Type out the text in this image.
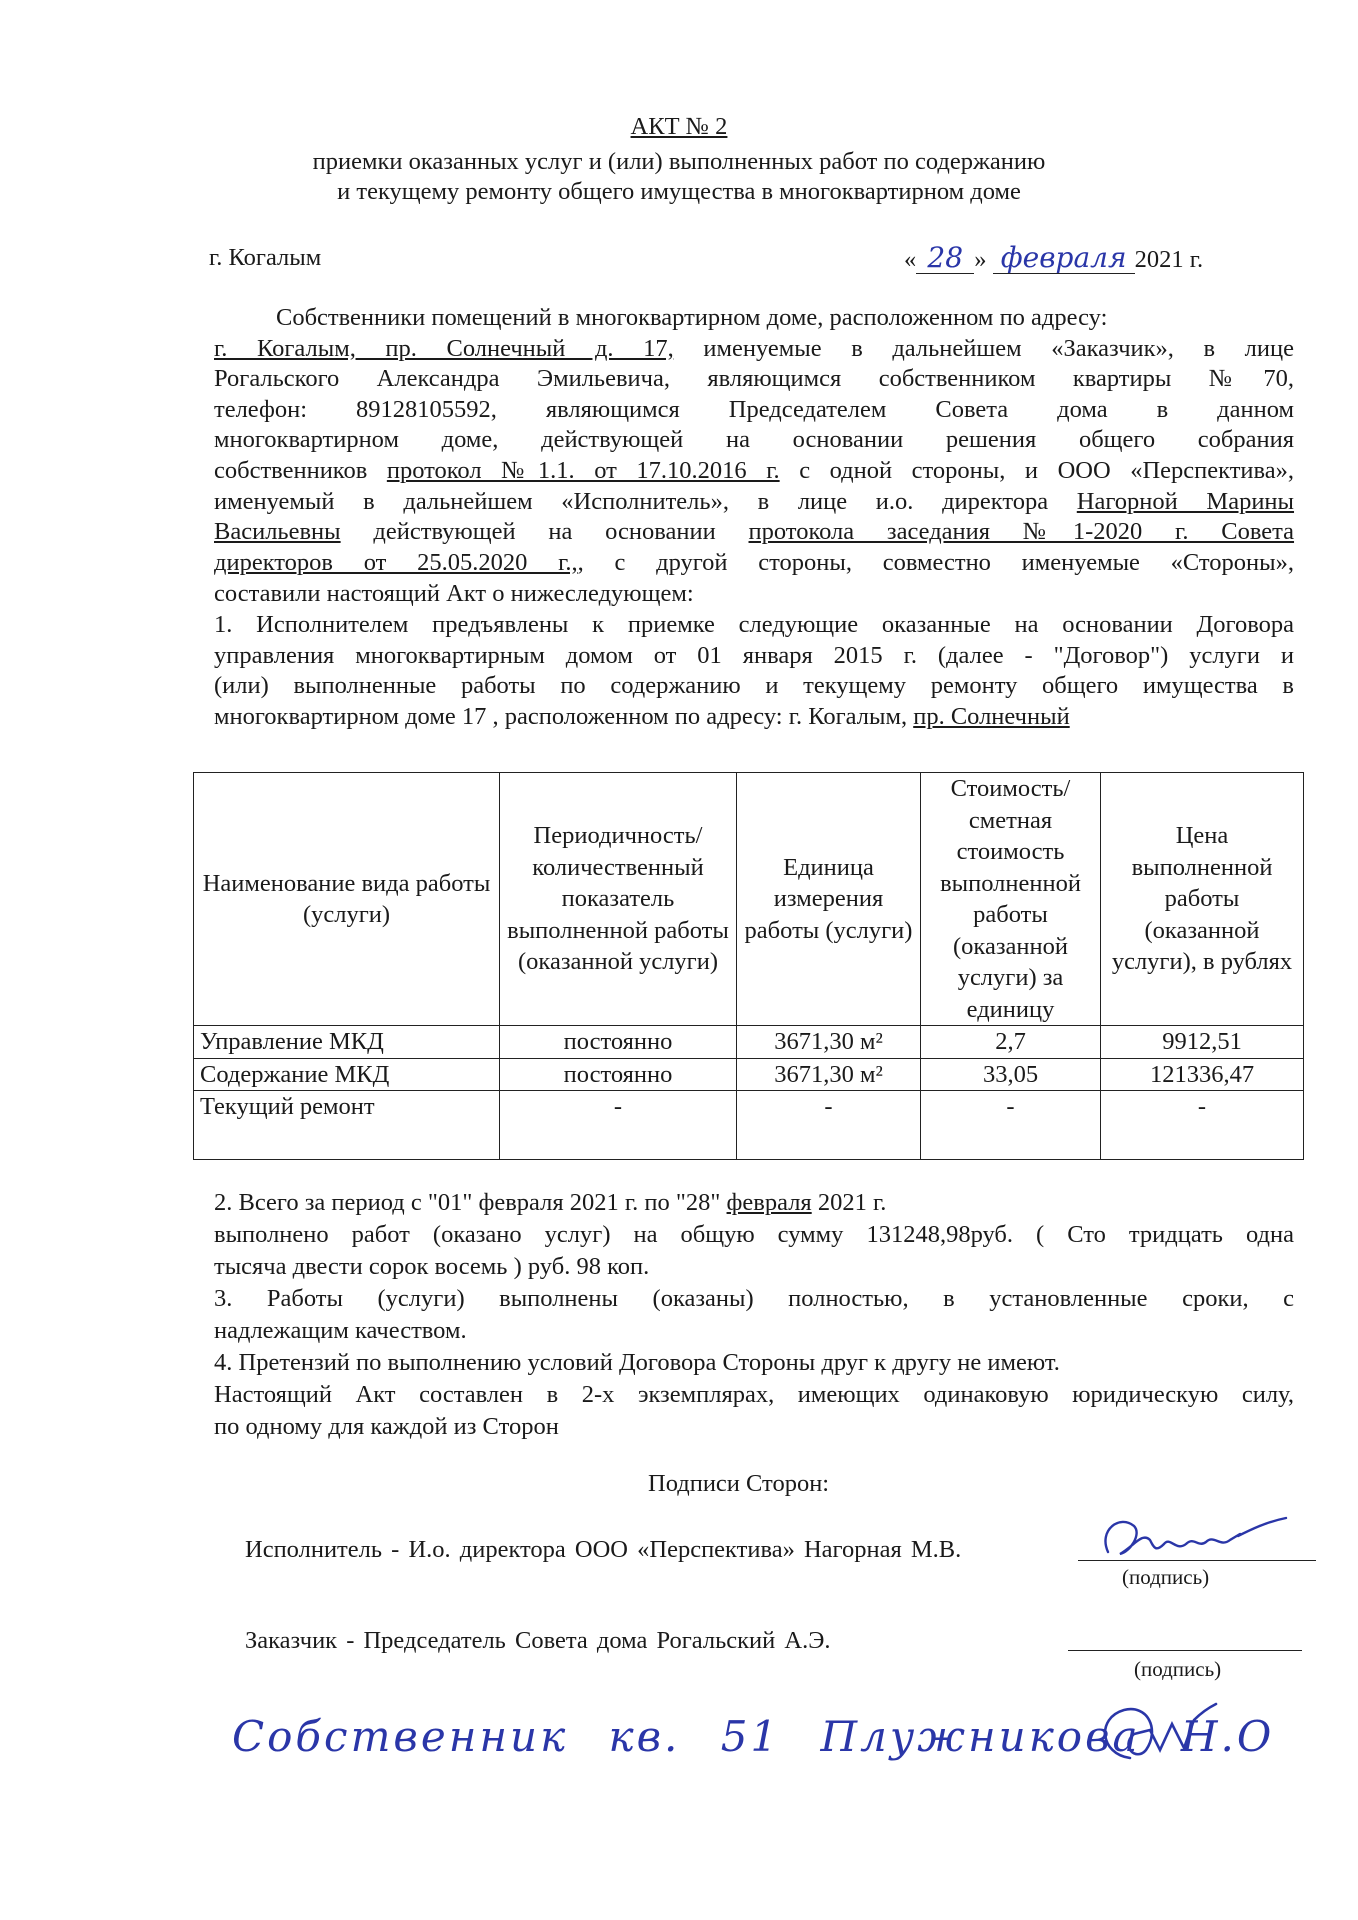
АКТ № 2
приемки оказанных услуг и (или) выполненных работ по содержанию
и текущему ремонту общего имущества в многоквартирном доме
г. Когалым	« 28 » февраля 2021 г.
Собственники помещений в многоквартирном доме, расположенном по адресу:
г. Когалым, пр. Солнечный д. 17, именуемые в дальнейшем «Заказчик», в лице
Рогальского Александра Эмильевича, являющимся собственником квартиры №70,
телефон: 89128105592, являющимся Председателем Совета дома в данном
многоквартирном доме, действующей на основании решения общего собрания
собственников протокол №1.1. от 17.10.2016 г. с одной стороны, и ООО «Перспектива»,
именуемый в дальнейшем «Исполнитель», в лице и.о. директора Нагорной Марины
Васильевны действующей на основании протокола заседания №1-2020 г. Совета
директоров от 25.05.2020 г.,, с другой стороны, совместно именуемые «Стороны»,
составили настоящий Акт о нижеследующем:
1. Исполнителем предъявлены к приемке следующие оказанные на основании Договора
управления многоквартирным домом от 01 января 2015 г. (далее - "Договор") услуги и
(или) выполненные работы по содержанию и текущему ремонту общего имущества в
многоквартирном доме 17 , расположенном по адресу: г. Когалым, пр. Солнечный
Наименование вида работы (услуги)	Периодичность/ количественный показатель выполненной работы (оказанной услуги)	Единица измерения работы (услуги)	Стоимость/ сметная стоимость выполненной работы (оказанной услуги) за единицу	Цена выполненной работы (оказанной услуги), в рублях
Управление МКД	постоянно	3671,30 м²	2,7	9912,51
Содержание МКД	постоянно	3671,30 м²	33,05	121336,47
Текущий ремонт	-	-	-	-
2. Всего за период с "01" февраля 2021 г. по "28" февраля 2021 г.
выполнено работ (оказано услуг) на общую сумму 131248,98руб. ( Сто тридцать одна
тысяча двести сорок восемь ) руб. 98 коп.
3. Работы (услуги) выполнены (оказаны) полностью, в установленные сроки, с
надлежащим качеством.
4. Претензий по выполнению условий Договора Стороны друг к другу не имеют.
Настоящий Акт составлен в 2-х экземплярах, имеющих одинаковую юридическую силу,
по одному для каждой из Сторон
Подписи Сторон:
Исполнитель - И.о. директора ООО «Перспектива» Нагорная М.В.
(подпись)
Заказчик - Председатель Совета дома Рогальский А.Э.
(подпись)
Собственник кв. 51 Плужникова Н.О
